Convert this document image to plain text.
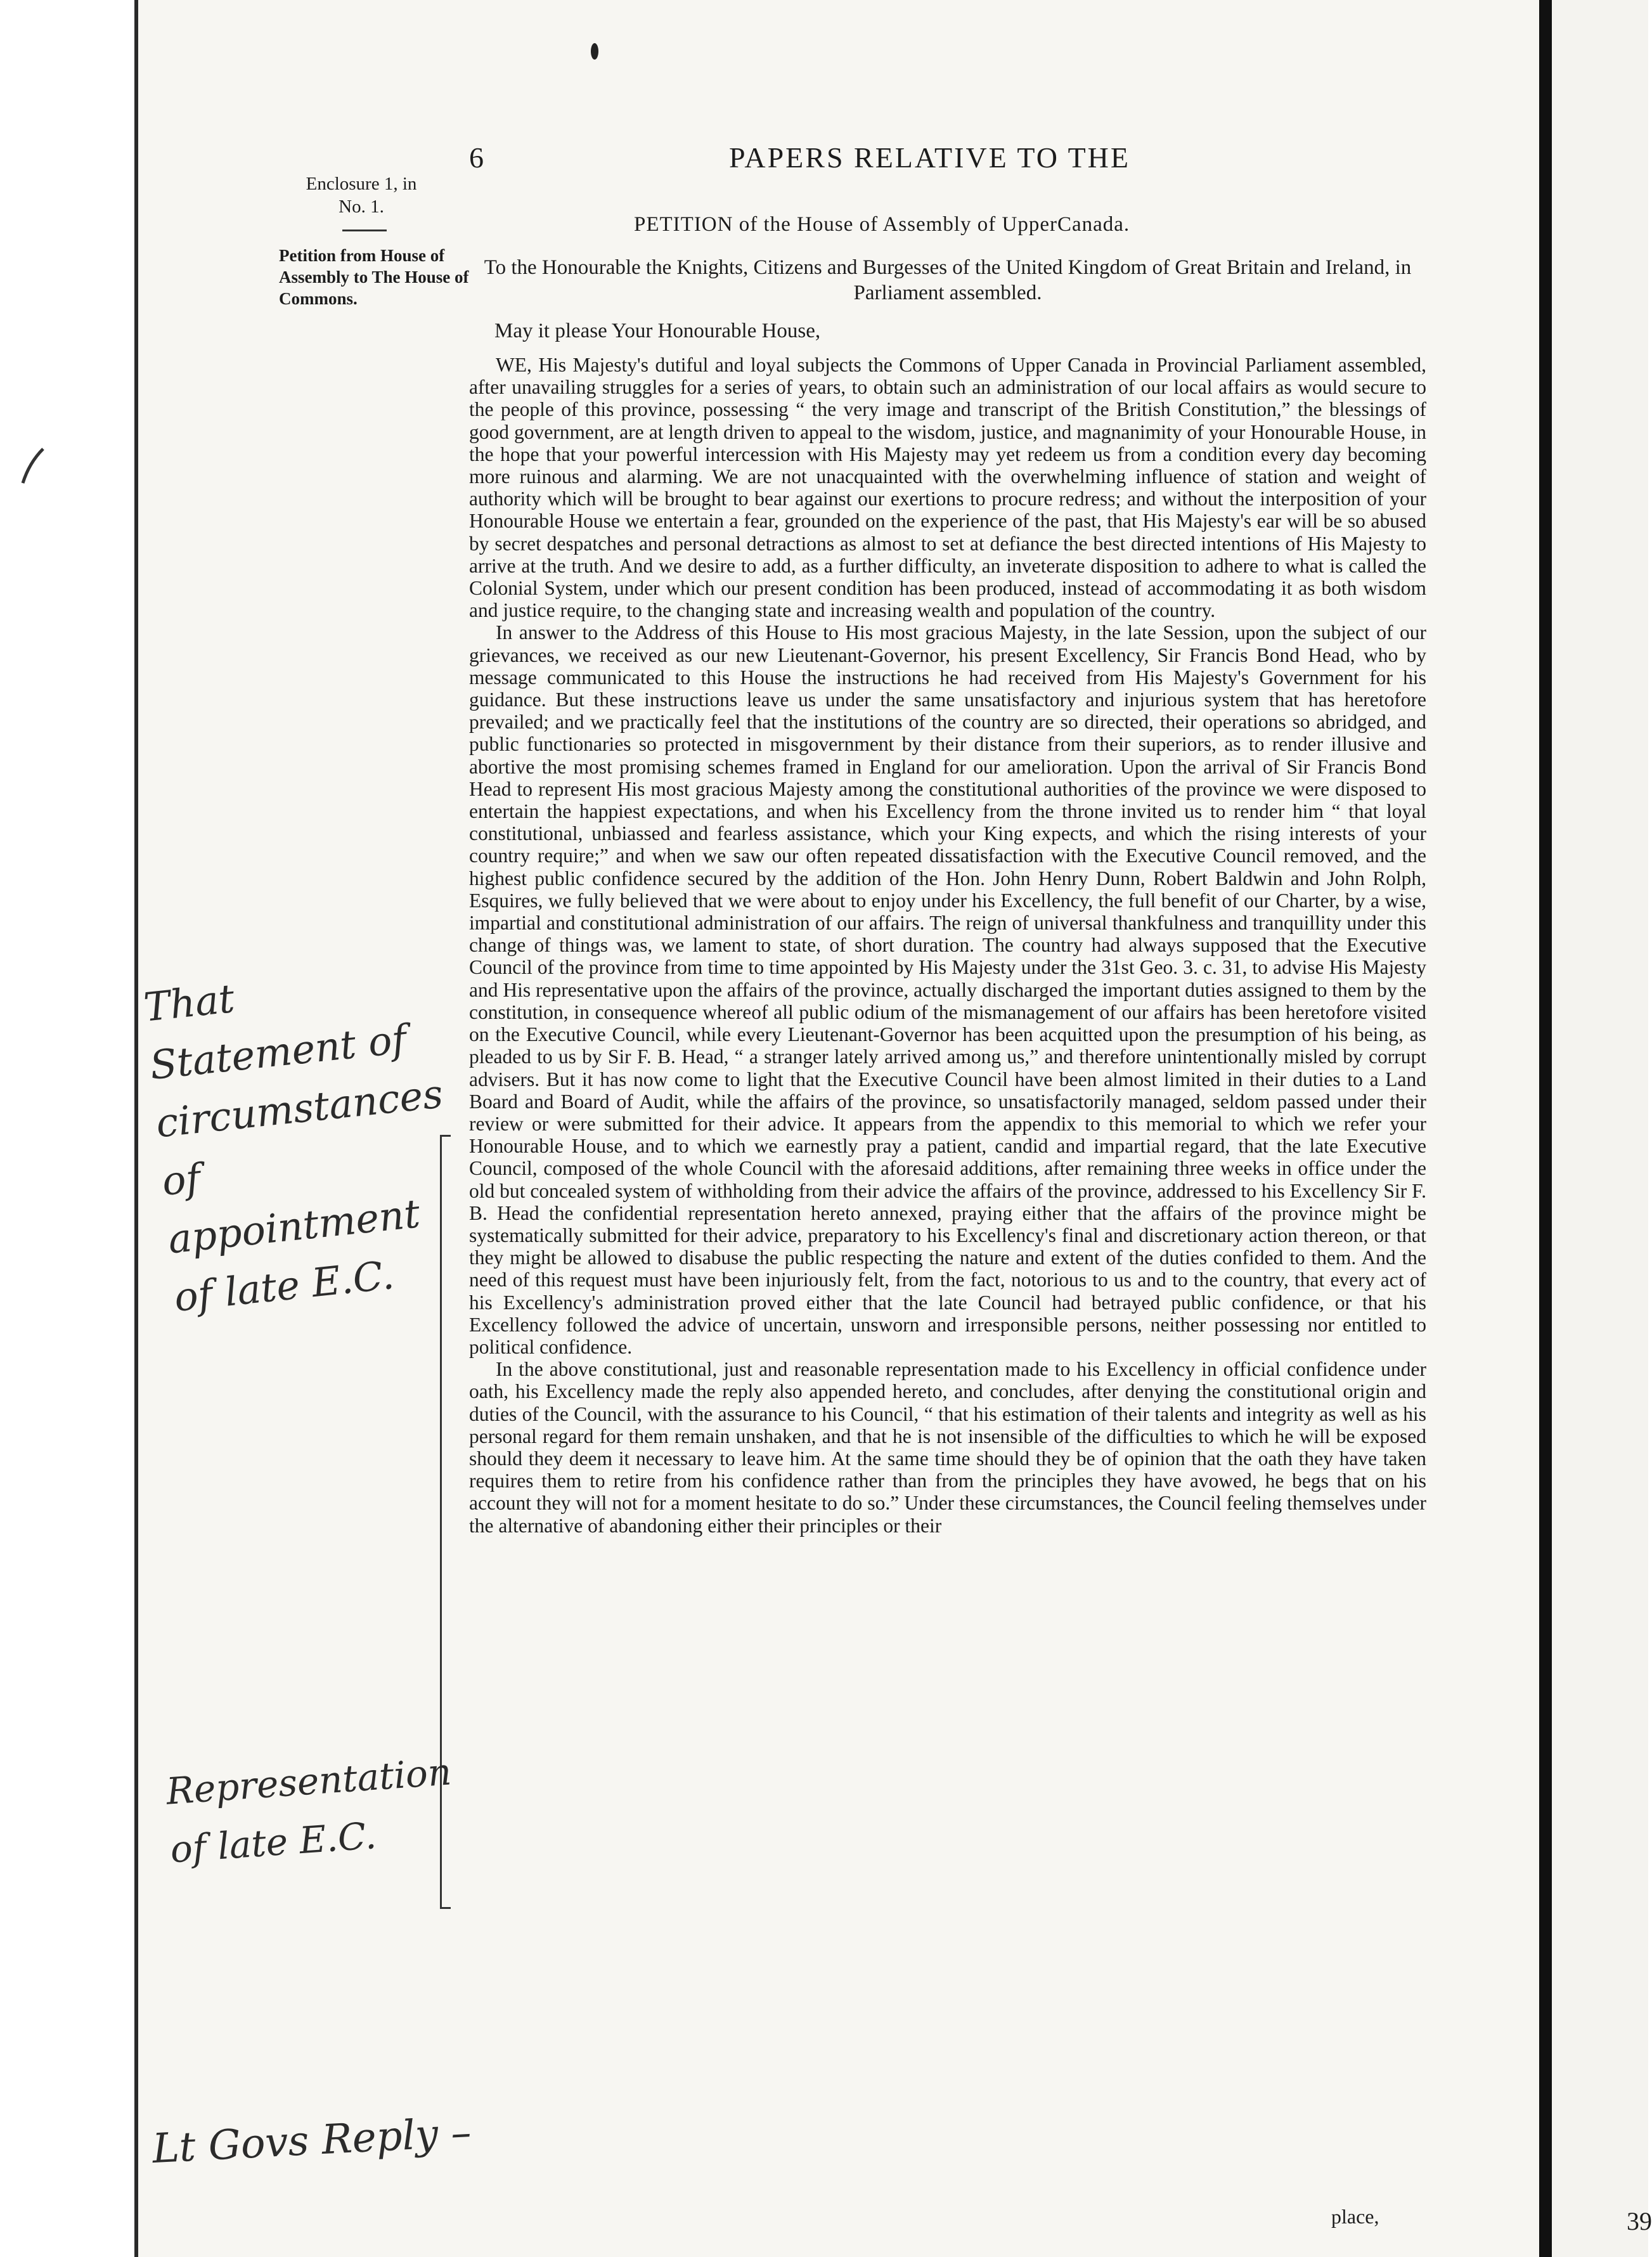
6	PAPERS RELATIVE TO THE
Enclosure 1, in
No. 1.
Petition from House of Assembly to The House of Commons.
PETITION of the House of Assembly of UpperCanada.
To the Honourable the Knights, Citizens and Burgesses of the United Kingdom of Great Britain and Ireland, in Parliament assembled.
May it please Your Honourable House,

WE, His Majesty's dutiful and loyal subjects the Commons of Upper Canada in Provincial Parliament assembled, after unavailing struggles for a series of years, to obtain such an administration of our local affairs as would secure to the people of this province, possessing “ the very image and transcript of the British Constitution,” the blessings of good government, are at length driven to appeal to the wisdom, justice, and magnanimity of your Honourable House, in the hope that your powerful intercession with His Majesty may yet redeem us from a condition every day becoming more ruinous and alarming. We are not unacquainted with the overwhelming influence of station and weight of authority which will be brought to bear against our exertions to procure redress; and without the interposition of your Honourable House we entertain a fear, grounded on the experience of the past, that His Majesty's ear will be so abused by secret despatches and personal detractions as almost to set at defiance the best directed intentions of His Majesty to arrive at the truth. And we desire to add, as a further difficulty, an inveterate disposition to adhere to what is called the Colonial System, under which our present condition has been produced, instead of accommodating it as both wisdom and justice require, to the changing state and increasing wealth and population of the country.

In answer to the Address of this House to His most gracious Majesty, in the late Session, upon the subject of our grievances, we received as our new Lieutenant-Governor, his present Excellency, Sir Francis Bond Head, who by message communicated to this House the instructions he had received from His Majesty's Government for his guidance. But these instructions leave us under the same unsatisfactory and injurious system that has heretofore prevailed; and we practically feel that the institutions of the country are so directed, their operations so abridged, and public functionaries so protected in misgovernment by their distance from their superiors, as to render illusive and abortive the most promising schemes framed in England for our amelioration. Upon the arrival of Sir Francis Bond Head to represent His most gracious Majesty among the constitutional authorities of the province we were disposed to entertain the happiest expectations, and when his Excellency from the throne invited us to render him “ that loyal constitutional, unbiassed and fearless assistance, which your King expects, and which the rising interests of your country require;” and when we saw our often repeated dissatisfaction with the Executive Council removed, and the highest public confidence secured by the addition of the Hon. John Henry Dunn, Robert Baldwin and John Rolph, Esquires, we fully believed that we were about to enjoy under his Excellency, the full benefit of our Charter, by a wise, impartial and constitutional administration of our affairs. The reign of universal thankfulness and tranquillity under this change of things was, we lament to state, of short duration. The country had always supposed that the Executive Council of the province from time to time appointed by His Majesty under the 31st Geo. 3. c. 31, to advise His Majesty and His representative upon the affairs of the province, actually discharged the important duties assigned to them by the constitution, in consequence whereof all public odium of the mismanagement of our affairs has been heretofore visited on the Executive Council, while every Lieutenant-Governor has been acquitted upon the presumption of his being, as pleaded to us by Sir F. B. Head, “ a stranger lately arrived among us,” and therefore unintentionally misled by corrupt advisers. But it has now come to light that the Executive Council have been almost limited in their duties to a Land Board and Board of Audit, while the affairs of the province, so unsatisfactorily managed, seldom passed under their review or were submitted for their advice. It appears from the appendix to this memorial to which we refer your Honourable House, and to which we earnestly pray a patient, candid and impartial regard, that the late Executive Council, composed of the whole Council with the aforesaid additions, after remaining three weeks in office under the old but concealed system of withholding from their advice the affairs of the province, addressed to his Excellency Sir F. B. Head the confidential representation hereto annexed, praying either that the affairs of the province might be systematically submitted for their advice, preparatory to his Excellency's final and discretionary action thereon, or that they might be allowed to disabuse the public respecting the nature and extent of the duties confided to them. And the need of this request must have been injuriously felt, from the fact, notorious to us and to the country, that every act of his Excellency's administration proved either that the late Council had betrayed public confidence, or that his Excellency followed the advice of uncertain, unsworn and irresponsible persons, neither possessing nor entitled to political confidence.

In the above constitutional, just and reasonable representation made to his Excellency in official confidence under oath, his Excellency made the reply also appended hereto, and concludes, after denying the constitutional origin and duties of the Council, with the assurance to his Council, “ that his estimation of their talents and integrity as well as his personal regard for them remain unshaken, and that he is not insensible of the difficulties to which he will be exposed should they deem it necessary to leave him. At the same time should they be of opinion that the oath they have taken requires them to retire from his confidence rather than from the principles they have avowed, he begs that on his account they will not for a moment hesitate to do so.” Under these circumstances, the Council feeling themselves under the alternative of abandoning either their principles or their

place,
That Statement of circumstances of appointment of late E.C.
Representation of late E.C.
Lt Govs Reply –
39
